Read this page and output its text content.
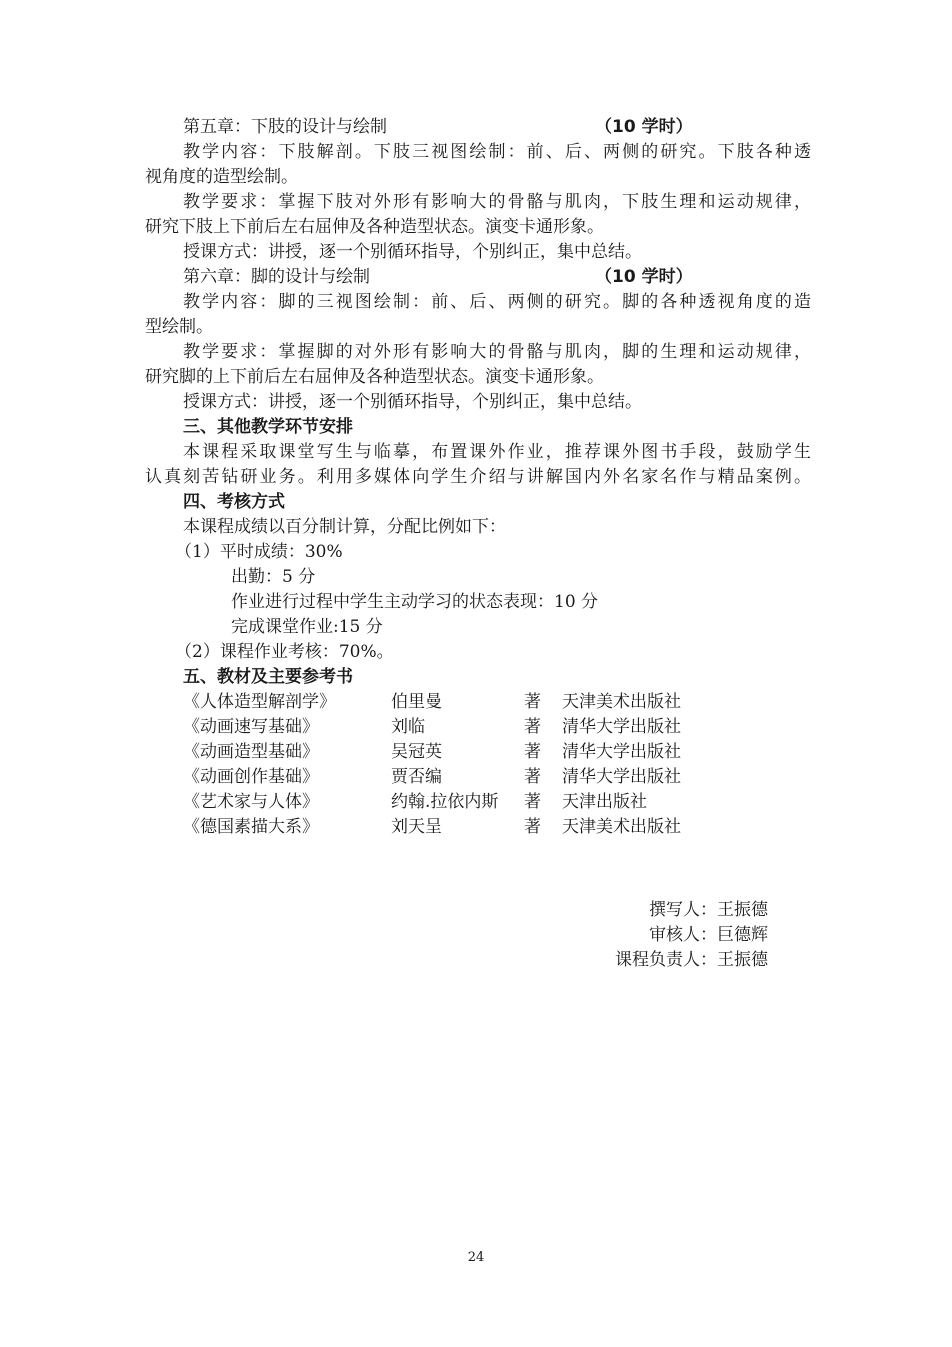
第五章：下肢的设计与绘制	（10 学时）
教学内容：下肢解剖。下肢三视图绘制：前、后、两侧的研究。下肢各种透
视角度的造型绘制。
教学要求：掌握下肢对外形有影响大的骨骼与肌肉，下肢生理和运动规律，
研究下肢上下前后左右屈伸及各种造型状态。演变卡通形象。
授课方式：讲授，逐一个别循环指导，个别纠正，集中总结。
第六章：脚的设计与绘制	（10 学时）
教学内容：脚的三视图绘制：前、后、两侧的研究。脚的各种透视角度的造
型绘制。
教学要求：掌握脚的对外形有影响大的骨骼与肌肉，脚的生理和运动规律，
研究脚的上下前后左右屈伸及各种造型状态。演变卡通形象。
授课方式：讲授，逐一个别循环指导，个别纠正，集中总结。
三、其他教学环节安排
本课程采取课堂写生与临摹，布置课外作业，推荐课外图书手段，鼓励学生
认真刻苦钻研业务。利用多媒体向学生介绍与讲解国内外名家名作与精品案例。
四、考核方式
本课程成绩以百分制计算，分配比例如下：
（1）平时成绩：30%
出勤：5 分
作业进行过程中学生主动学习的状态表现：10 分
完成课堂作业:15 分
（2）课程作业考核：70%。
五、教材及主要参考书
《人体造型解剖学》	伯里曼	著 天津美术出版社
《动画速写基础》	刘临	著 清华大学出版社
《动画造型基础》	吴冠英	著 清华大学出版社
《动画创作基础》	贾否编	著 清华大学出版社
《艺术家与人体》	约翰.拉依内斯 著 天津出版社
《德国素描大系》	刘天呈	著 天津美术出版社
撰写人：王振德
审核人：巨德辉
课程负责人：王振德
24
